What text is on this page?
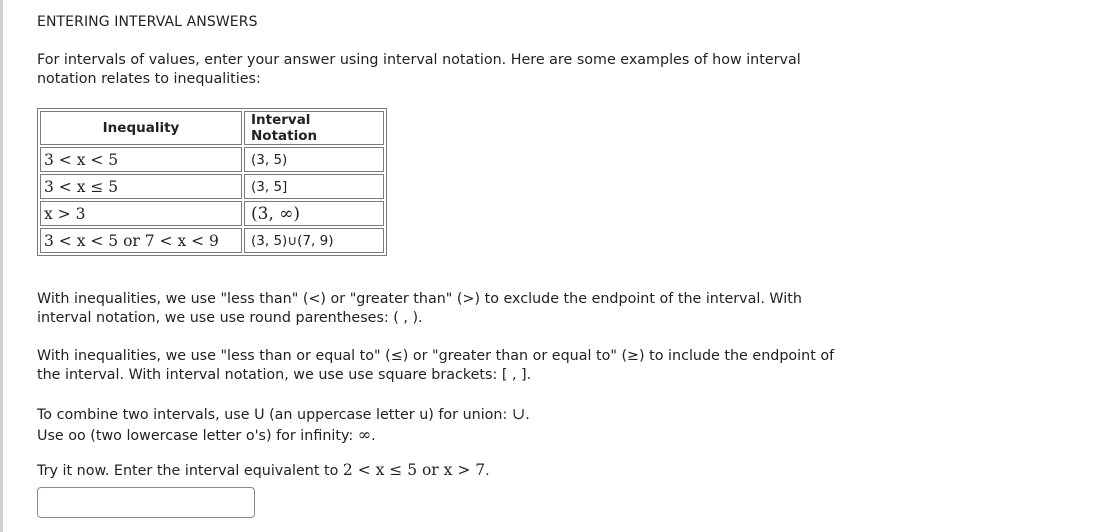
ENTERING INTERVAL ANSWERS

For intervals of values, enter your answer using interval notation. Here are some examples of how interval notation relates to inequalities:

Inequality	Interval Notation
3 < x < 5	(3, 5)
3 < x ≤ 5	(3, 5]
x > 3	(3, ∞)
3 < x < 5 or 7 < x < 9	(3, 5)∪(7, 9)

With inequalities, we use "less than" (<) or "greater than" (>) to exclude the endpoint of the interval. With interval notation, we use use round parentheses: ( , ).

With inequalities, we use "less than or equal to" (≤) or "greater than or equal to" (≥) to include the endpoint of the interval. With interval notation, we use use square brackets: [ , ].

To combine two intervals, use U (an uppercase letter u) for union: ∪.
Use oo (two lowercase letter o's) for infinity: ∞.

Try it now. Enter the interval equivalent to 2 < x ≤ 5 or x > 7.
